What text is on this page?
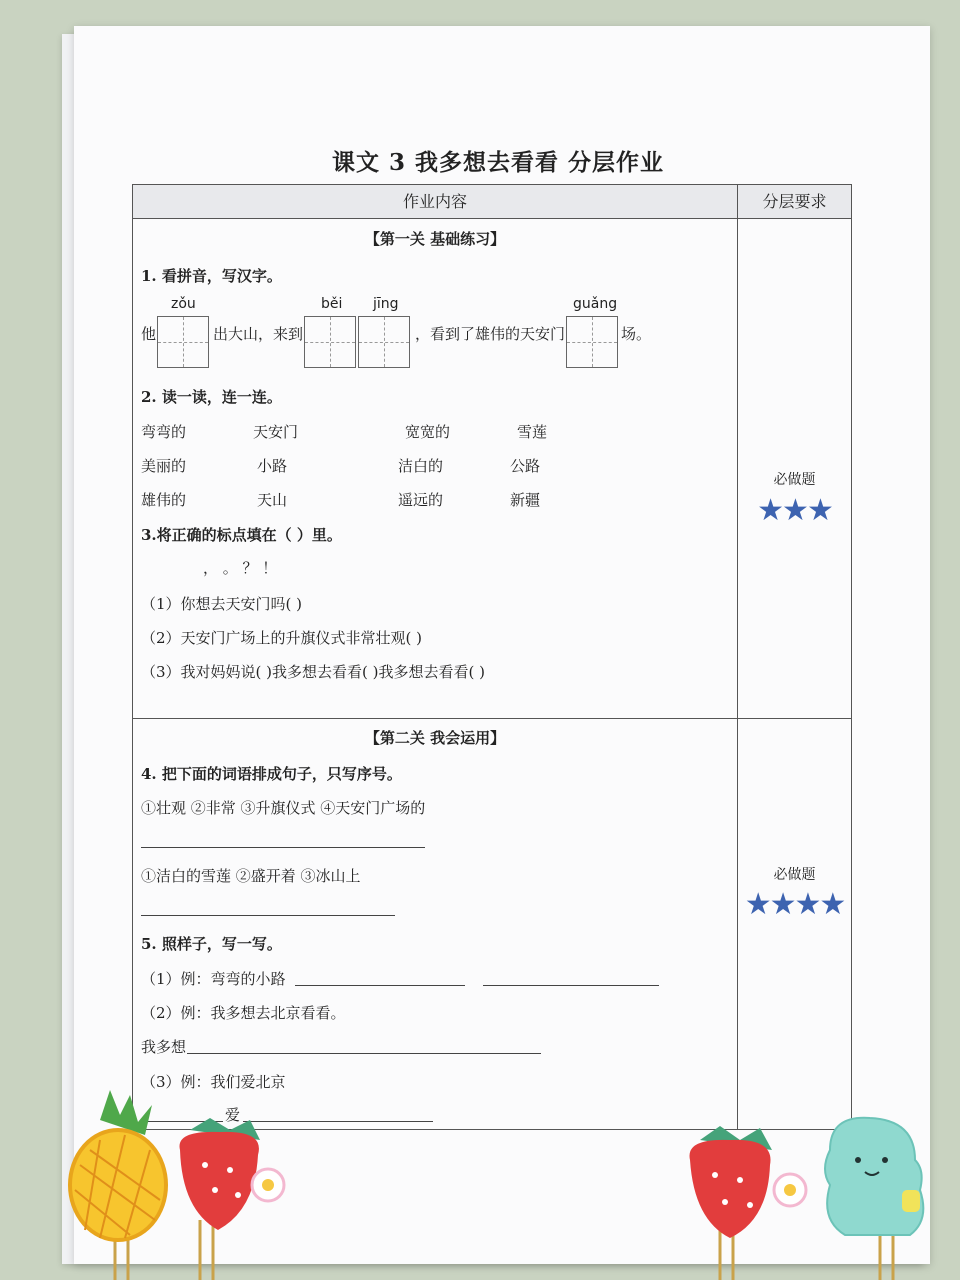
课文 3 我多想去看看 分层作业
作业内容	分层要求
【第一关 基础练习】
1. 看拼音，写汉字。
zǒu	běi jīng	guǎng
他	出大山，来到	，看到了雄伟的天安门	场。
2. 读一读，连一连。
弯弯的	天安门	宽宽的	雪莲
美丽的	小路	洁白的	公路
雄伟的	天山	遥远的	新疆
3.将正确的标点填在（ ）里。
， 。 ？ ！
（1）你想去天安门吗( )
（2）天安门广场上的升旗仪式非常壮观( )
（3）我对妈妈说( )我多想去看看( )我多想去看看( )
必做题
★★★
【第二关 我会运用】
4. 把下面的词语排成句子，只写序号。
①壮观 ②非常 ③升旗仪式 ④天安门广场的
①洁白的雪莲 ②盛开着 ③冰山上
5. 照样子，写一写。
（1）例：弯弯的小路
（2）例：我多想去北京看看。
我多想
（3）例：我们爱北京
爱
必做题
★★★★
